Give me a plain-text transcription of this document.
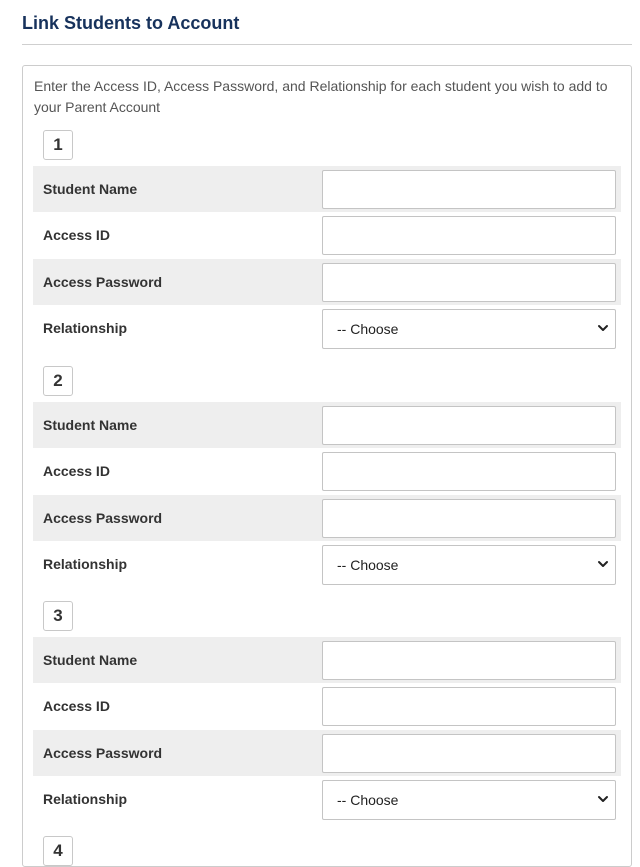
Link Students to Account

Enter the Access ID, Access Password, and Relationship for each student you wish to add to your Parent Account

1
Student Name
Access ID
Access Password
Relationship	-- Choose
2
Student Name
Access ID
Access Password
Relationship	-- Choose
3
Student Name
Access ID
Access Password
Relationship	-- Choose
4
